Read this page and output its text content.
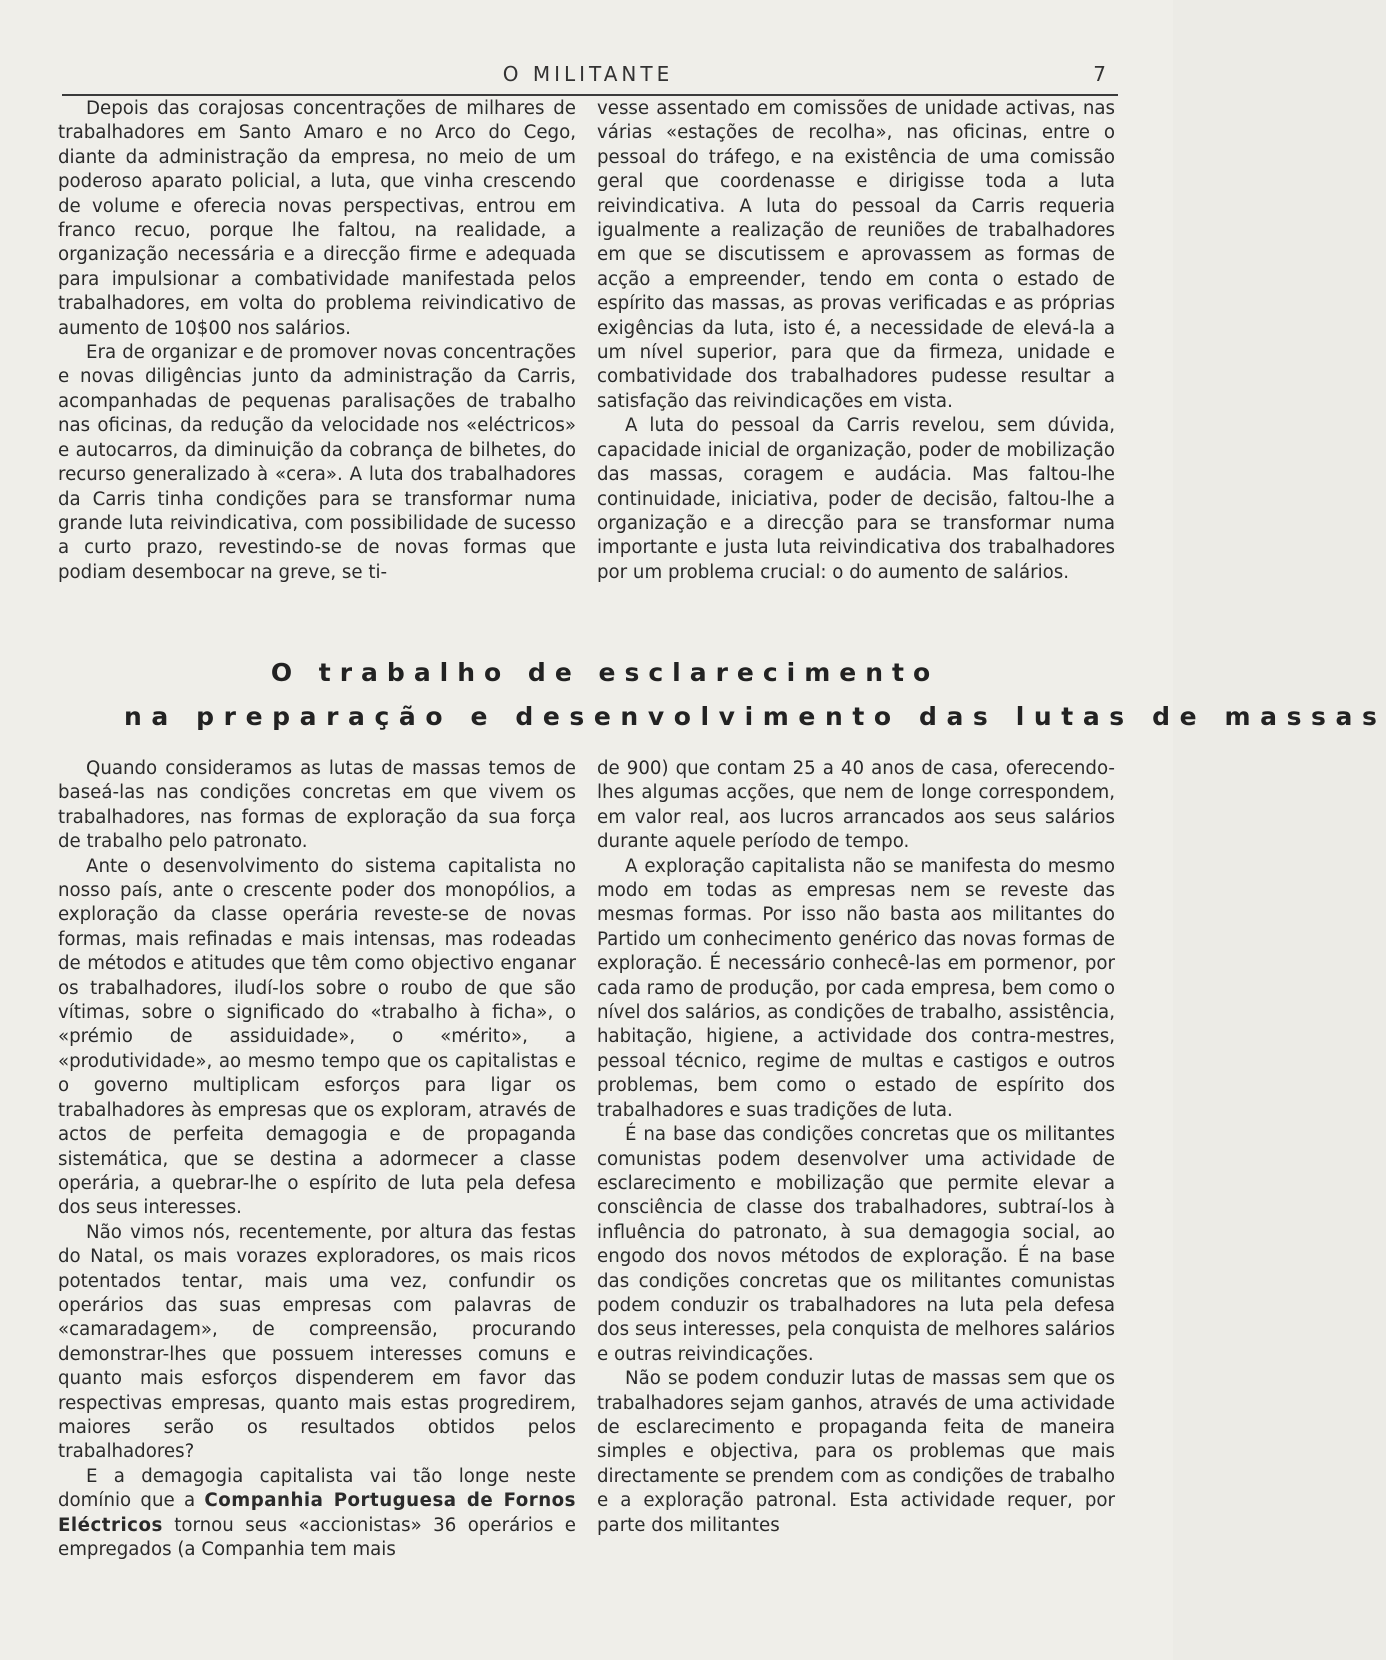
O MILITANTE	7

Depois das corajosas concentrações de milhares de trabalhadores em Santo Amaro e no Arco do Cego, diante da administração da empresa, no meio de um poderoso aparato policial, a luta, que vinha crescendo de volume e oferecia novas perspectivas, entrou em franco recuo, porque lhe faltou, na realidade, a organização necessária e a direcção firme e adequada para impulsionar a combatividade manifestada pelos trabalhadores, em volta do problema reivindicativo de aumento de 10$00 nos salários.

Era de organizar e de promover novas concentrações e novas diligências junto da administração da Carris, acompanhadas de pequenas paralisações de trabalho nas oficinas, da redução da velocidade nos «eléctricos» e autocarros, da diminuição da cobrança de bilhetes, do recurso generalizado à «cera». A luta dos trabalhadores da Carris tinha condições para se transformar numa grande luta reivindicativa, com possibilidade de sucesso a curto prazo, revestindo-se de novas formas que podiam desembocar na greve, se ti-

vesse assentado em comissões de unidade activas, nas várias «estações de recolha», nas oficinas, entre o pessoal do tráfego, e na existência de uma comissão geral que coordenasse e dirigisse toda a luta reivindicativa. A luta do pessoal da Carris requeria igualmente a realização de reuniões de trabalhadores em que se discutissem e aprovassem as formas de acção a empreender, tendo em conta o estado de espírito das massas, as provas verificadas e as próprias exigências da luta, isto é, a necessidade de elevá-la a um nível superior, para que da firmeza, unidade e combatividade dos trabalhadores pudesse resultar a satisfação das reivindicações em vista.

A luta do pessoal da Carris revelou, sem dúvida, capacidade inicial de organização, poder de mobilização das massas, coragem e audácia. Mas faltou-lhe continuidade, iniciativa, poder de decisão, faltou-lhe a organização e a direcção para se transformar numa importante e justa luta reivindicativa dos trabalhadores por um problema crucial: o do aumento de salários.

O trabalho de esclarecimento
na preparação e desenvolvimento das lutas de massas

Quando consideramos as lutas de massas temos de baseá-las nas condições concretas em que vivem os trabalhadores, nas formas de exploração da sua força de trabalho pelo patronato.

Ante o desenvolvimento do sistema capitalista no nosso país, ante o crescente poder dos monopólios, a exploração da classe operária reveste-se de novas formas, mais refinadas e mais intensas, mas rodeadas de métodos e atitudes que têm como objectivo enganar os trabalhadores, iludí-los sobre o roubo de que são vítimas, sobre o significado do «trabalho à ficha», o «prémio de assiduidade», o «mérito», a «produtividade», ao mesmo tempo que os capitalistas e o governo multiplicam esforços para ligar os trabalhadores às empresas que os exploram, através de actos de perfeita demagogia e de propaganda sistemática, que se destina a adormecer a classe operária, a quebrar-lhe o espírito de luta pela defesa dos seus interesses.

Não vimos nós, recentemente, por altura das festas do Natal, os mais vorazes exploradores, os mais ricos potentados tentar, mais uma vez, confundir os operários das suas empresas com palavras de «camaradagem», de compreensão, procurando demonstrar-lhes que possuem interesses comuns e quanto mais esforços dispenderem em favor das respectivas empresas, quanto mais estas progredirem, maiores serão os resultados obtidos pelos trabalhadores?

E a demagogia capitalista vai tão longe neste domínio que a Companhia Portuguesa de Fornos Eléctricos tornou seus «accionistas» 36 operários e empregados (a Companhia tem mais

de 900) que contam 25 a 40 anos de casa, oferecendo-lhes algumas acções, que nem de longe correspondem, em valor real, aos lucros arrancados aos seus salários durante aquele período de tempo.

A exploração capitalista não se manifesta do mesmo modo em todas as empresas nem se reveste das mesmas formas. Por isso não basta aos militantes do Partido um conhecimento genérico das novas formas de exploração. É necessário conhecê-las em pormenor, por cada ramo de produção, por cada empresa, bem como o nível dos salários, as condições de trabalho, assistência, habitação, higiene, a actividade dos contra-mestres, pessoal técnico, regime de multas e castigos e outros problemas, bem como o estado de espírito dos trabalhadores e suas tradições de luta.

É na base das condições concretas que os militantes comunistas podem desenvolver uma actividade de esclarecimento e mobilização que permite elevar a consciência de classe dos trabalhadores, subtraí-los à influência do patronato, à sua demagogia social, ao engodo dos novos métodos de exploração. É na base das condições concretas que os militantes comunistas podem conduzir os trabalhadores na luta pela defesa dos seus interesses, pela conquista de melhores salários e outras reivindicações.

Não se podem conduzir lutas de massas sem que os trabalhadores sejam ganhos, através de uma actividade de esclarecimento e propaganda feita de maneira simples e objectiva, para os problemas que mais directamente se prendem com as condições de trabalho e a exploração patronal. Esta actividade requer, por parte dos militantes
